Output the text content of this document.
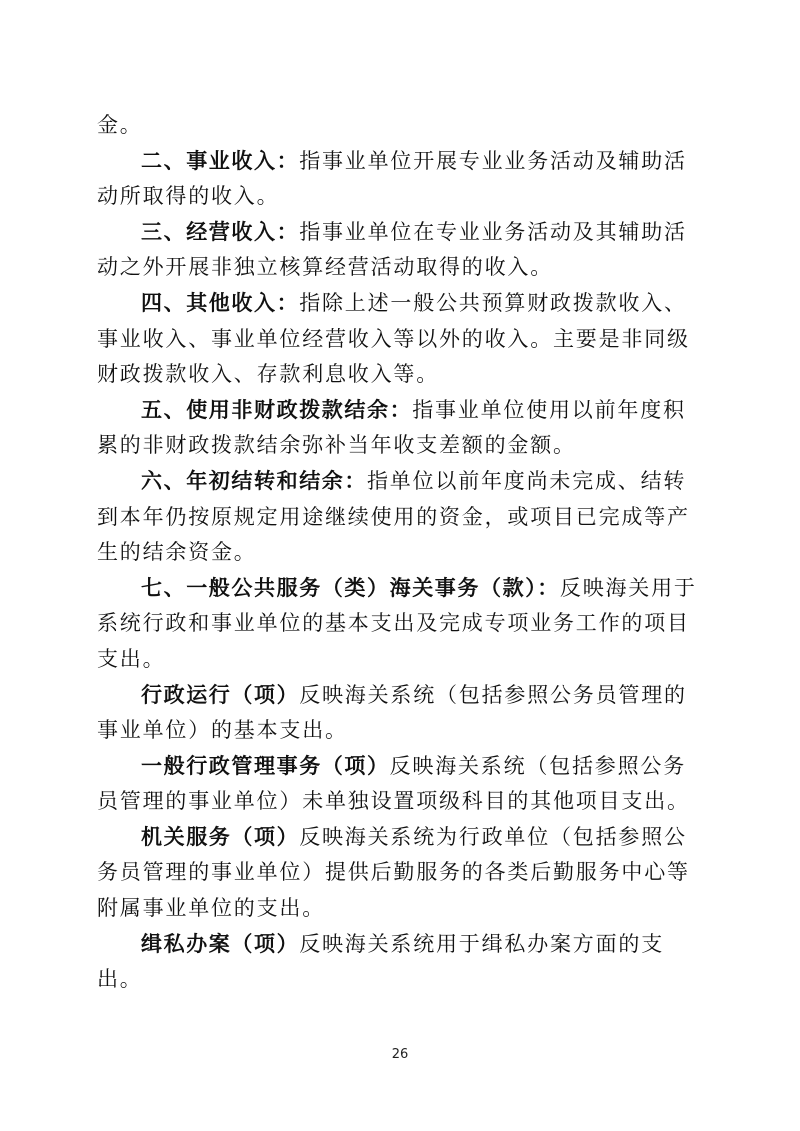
金。

二、事业收入：指事业单位开展专业业务活动及辅助活动所取得的收入。

三、经营收入：指事业单位在专业业务活动及其辅助活动之外开展非独立核算经营活动取得的收入。

四、其他收入：指除上述一般公共预算财政拨款收入、事业收入、事业单位经营收入等以外的收入。主要是非同级财政拨款收入、存款利息收入等。

五、使用非财政拨款结余：指事业单位使用以前年度积累的非财政拨款结余弥补当年收支差额的金额。

六、年初结转和结余：指单位以前年度尚未完成、结转到本年仍按原规定用途继续使用的资金，或项目已完成等产生的结余资金。

七、一般公共服务（类）海关事务（款）：反映海关用于系统行政和事业单位的基本支出及完成专项业务工作的项目支出。

行政运行（项）反映海关系统（包括参照公务员管理的事业单位）的基本支出。

一般行政管理事务（项）反映海关系统（包括参照公务员管理的事业单位）未单独设置项级科目的其他项目支出。

机关服务（项）反映海关系统为行政单位（包括参照公务员管理的事业单位）提供后勤服务的各类后勤服务中心等附属事业单位的支出。

缉私办案（项）反映海关系统用于缉私办案方面的支出。

26
